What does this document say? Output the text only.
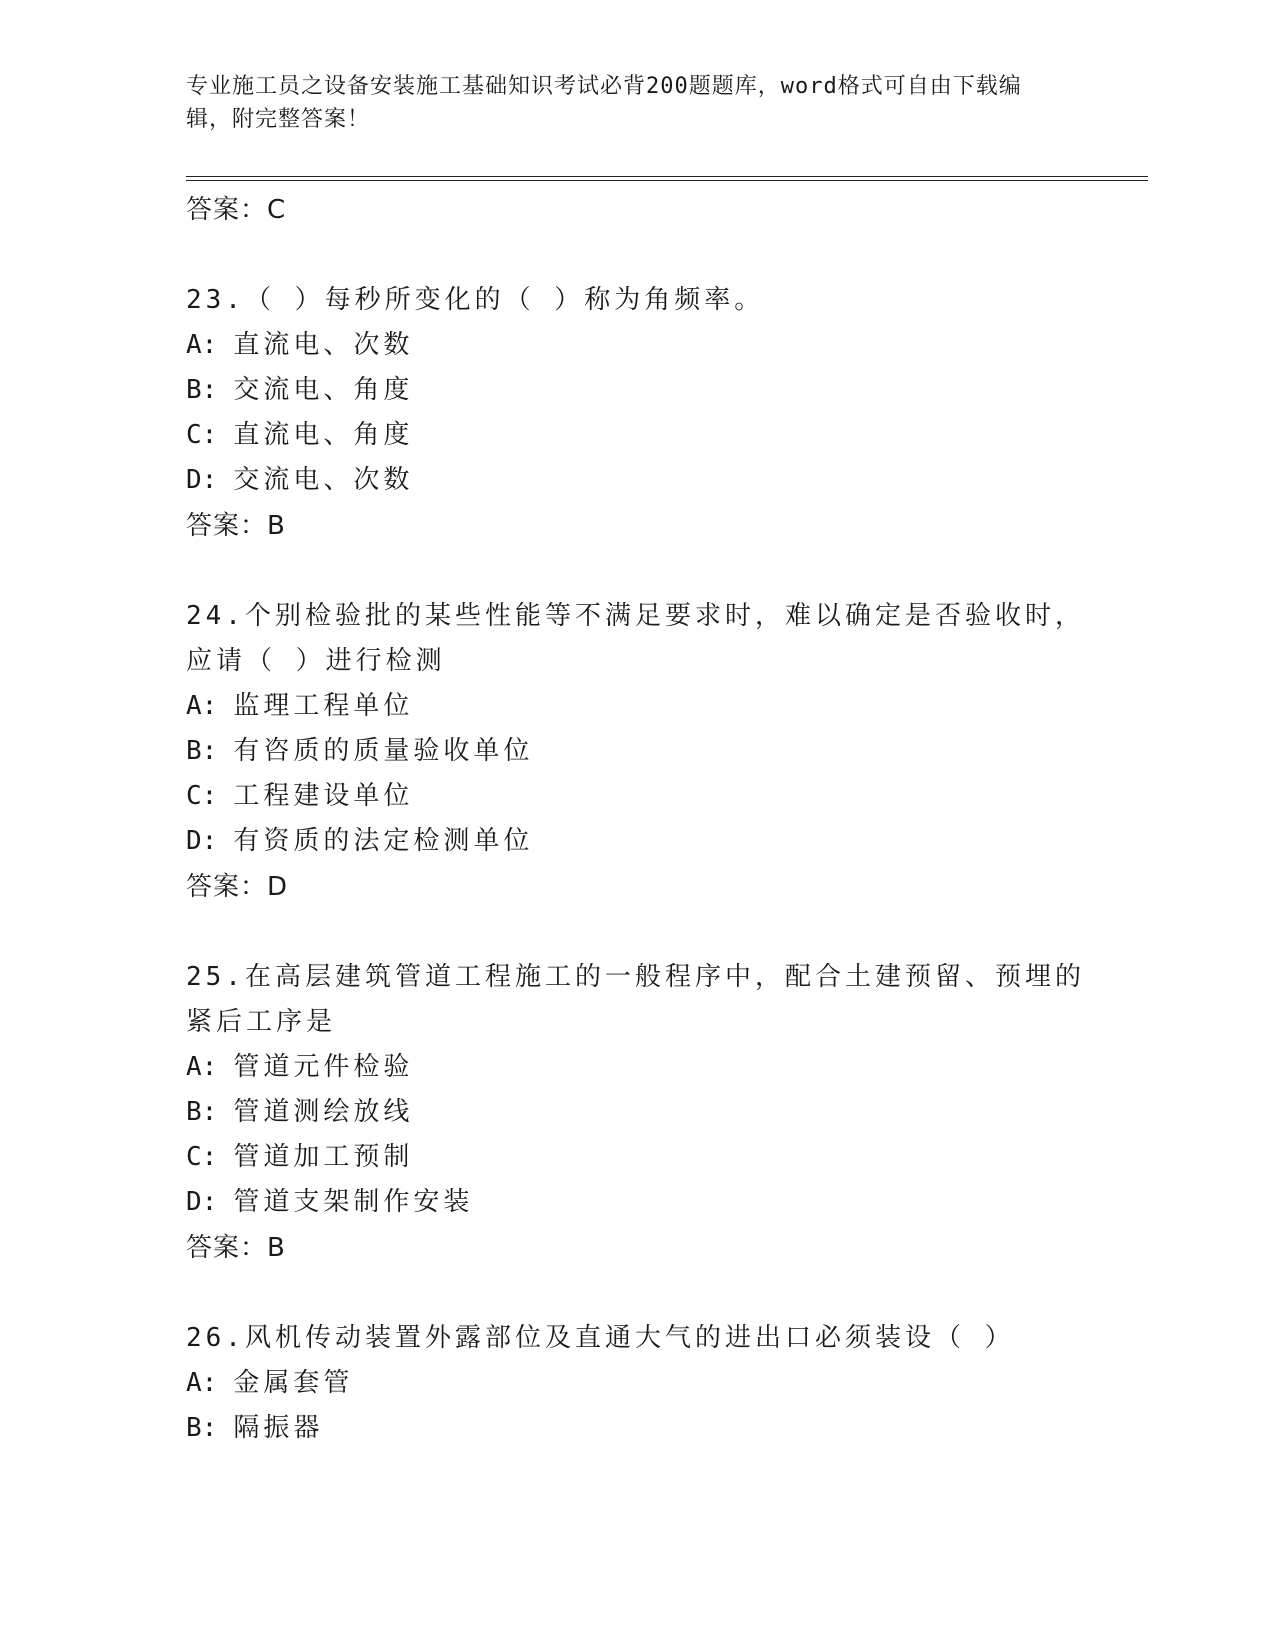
专业施工员之设备安装施工基础知识考试必背200题题库，word格式可自由下载编辑，附完整答案！

答案：C

23.（ ）每秒所变化的（ ）称为角频率。

A: 直流电、次数
B: 交流电、角度
C: 直流电、角度
D: 交流电、次数

答案：B

24.个别检验批的某些性能等不满足要求时，难以确定是否验收时，应请（ ）进行检测

A: 监理工程单位
B: 有咨质的质量验收单位
C: 工程建设单位
D: 有资质的法定检测单位

答案：D

25.在高层建筑管道工程施工的一般程序中，配合土建预留、预埋的紧后工序是

A: 管道元件检验
B: 管道测绘放线
C: 管道加工预制
D: 管道支架制作安装

答案：B

26.风机传动装置外露部位及直通大气的进出口必须装设（ ）

A: 金属套管
B: 隔振器
